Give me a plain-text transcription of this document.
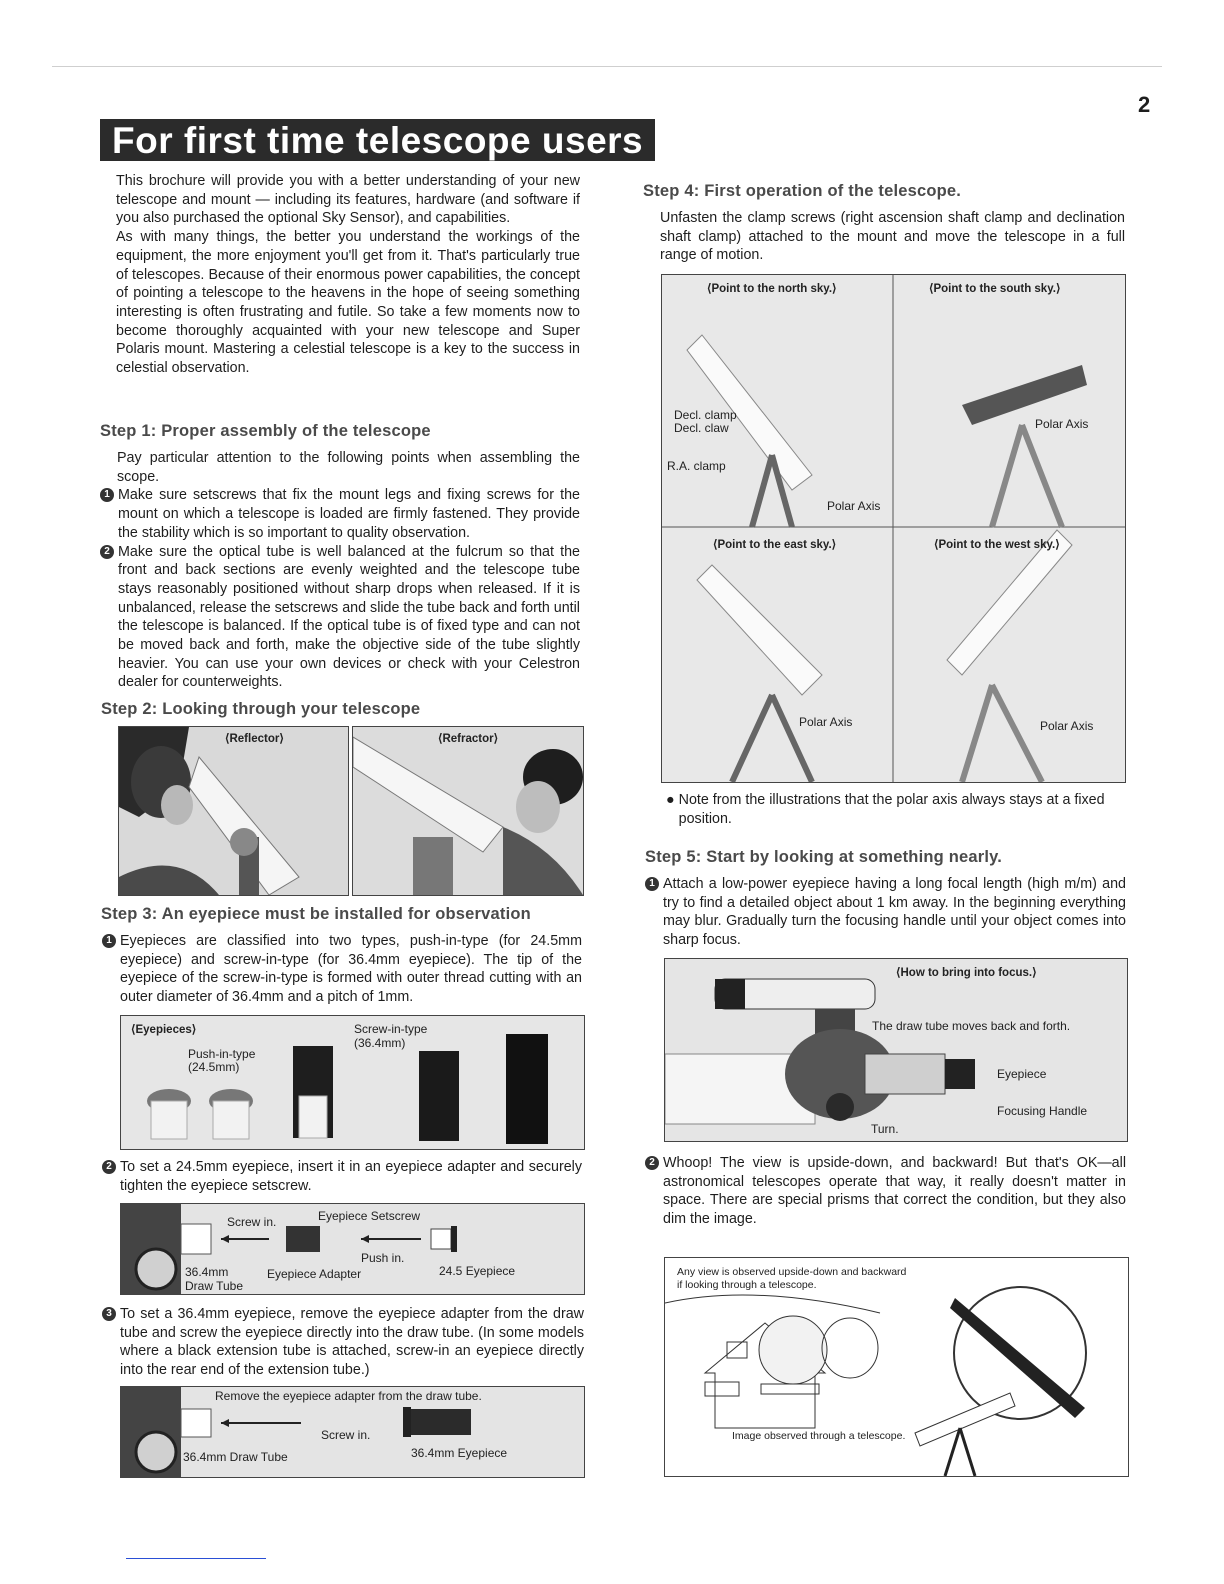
2
For first time telescope users

This brochure will provide you with a better understanding of your new telescope and mount — including its features, hardware (and software if you also purchased the optional Sky Sensor), and capabilities.

As with many things, the better you understand the workings of the equipment, the more enjoyment you'll get from it. That's particularly true of telescopes. Because of their enormous power capabilities, the concept of pointing a telescope to the heavens in the hope of seeing something interesting is often frustrating and futile. So take a few moments now to become thoroughly acquainted with your new telescope and Super Polaris mount. Mastering a celestial telescope is a key to the success in celestial observation.

Step 1: Proper assembly of the telescope

Pay particular attention to the following points when assembling the scope.

1 Make sure setscrews that fix the mount legs and fixing screws for the mount on which a telescope is loaded are firmly fastened. They provide the stability which is so important to quality observation.
2 Make sure the optical tube is well balanced at the fulcrum so that the front and back sections are evenly weighted and the telescope tube stays reasonably positioned without sharp drops when released. If it is unbalanced, release the setscrews and slide the tube back and forth until the telescope is balanced. If the optical tube is of fixed type and can not be moved back and forth, make the objective side of the tube slightly heavier. You can use your own devices or check with your Celestron dealer for counterweights.
Step 2: Looking through your telescope
⟨Reflector⟩	⟨Refractor⟩
Step 3: An eyepiece must be installed for observation
1 Eyepieces are classified into two types, push-in-type (for 24.5mm eyepiece) and screw-in-type (for 36.4mm eyepiece). The tip of the eyepiece of the screw-in-type is formed with outer thread cutting with an outer diameter of 36.4mm and a pitch of 1mm.
⟨Eyepieces⟩	Screw-in-type
(36.4mm)
Push-in-type
(24.5mm)
2 To set a 24.5mm eyepiece, insert it in an eyepiece adapter and securely tighten the eyepiece setscrew.
Screw in.	Eyepiece Setscrew
Push in.
36.4mm
Draw Tube
Eyepiece Adapter	24.5 Eyepiece
3 To set a 36.4mm eyepiece, remove the eyepiece adapter from the draw tube and screw the eyepiece directly into the draw tube. (In some models where a black extension tube is attached, screw-in an eyepiece directly into the rear end of the extension tube.)
Remove the eyepiece adapter from the draw tube.
Screw in.
36.4mm Draw Tube	36.4mm Eyepiece
Step 4: First operation of the telescope.

Unfasten the clamp screws (right ascension shaft clamp and declination shaft clamp) attached to the mount and move the telescope in a full range of motion.

⟨Point to the north sky.⟩	⟨Point to the south sky.⟩
⟨Point to the east sky.⟩	⟨Point to the west sky.⟩
Decl. clamp
Decl. claw
R.A. clamp
Polar Axis
Polar Axis
Polar Axis	Polar Axis
● Note from the illustrations that the polar axis always stays at a fixed position.
Step 5: Start by looking at something nearly.
1 Attach a low-power eyepiece having a long focal length (high m/m) and try to find a detailed object about 1 km away. In the beginning everything may blur. Gradually turn the focusing handle until your object comes into sharp focus.
⟨How to bring into focus.⟩
The draw tube moves back and forth.
Eyepiece
Focusing Handle
Turn.
2 Whoop! The view is upside-down, and backward! But that's OK—all astronomical telescopes operate that way, it really doesn't matter in space. There are special prisms that correct the condition, but they also dim the image.
Any view is observed upside-down and backward
if looking through a telescope.
Image observed through a telescope.
